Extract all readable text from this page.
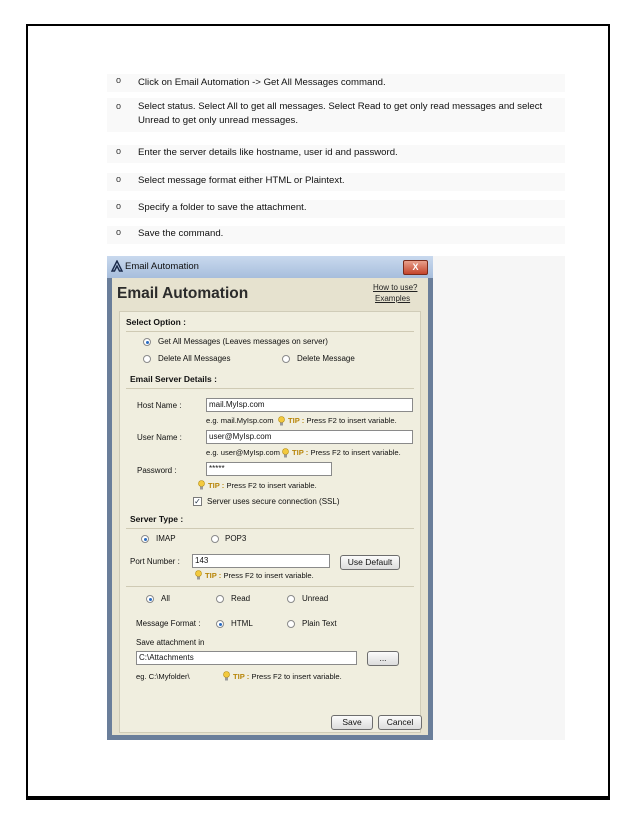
o Click on Email Automation -> Get All Messages command.
o Select status. Select All to get all messages. Select Read to get only read messages and select Unread to get only unread messages.
o Enter the server details like hostname, user id and password.
o Select message format either HTML or Plaintext.
o Specify a folder to save the attachment.
o Save the command.
Email Automation	X
Email Automation	How to use?
Examples
Select Option :
Get All Messages (Leaves messages on server)
Delete All Messages	Delete Message
Email Server Details :
Host Name :	mail.MyIsp.com
e.g. mail.MyIsp.com TIP : Press F2 to insert variable.
User Name :	user@MyIsp.com
e.g. user@MyIsp.com TIP : Press F2 to insert variable.
Password :	*****
TIP : Press F2 to insert variable.
✓ Server uses secure connection (SSL)
Server Type :
IMAP	POP3
Port Number :	143	Use Default
TIP : Press F2 to insert variable.
All	Read	Unread
Message Format :	HTML	Plain Text
Save attachment in
C:\Attachments	...
eg. C:\Myfolder\	TIP : Press F2 to insert variable.
Save	Cancel
